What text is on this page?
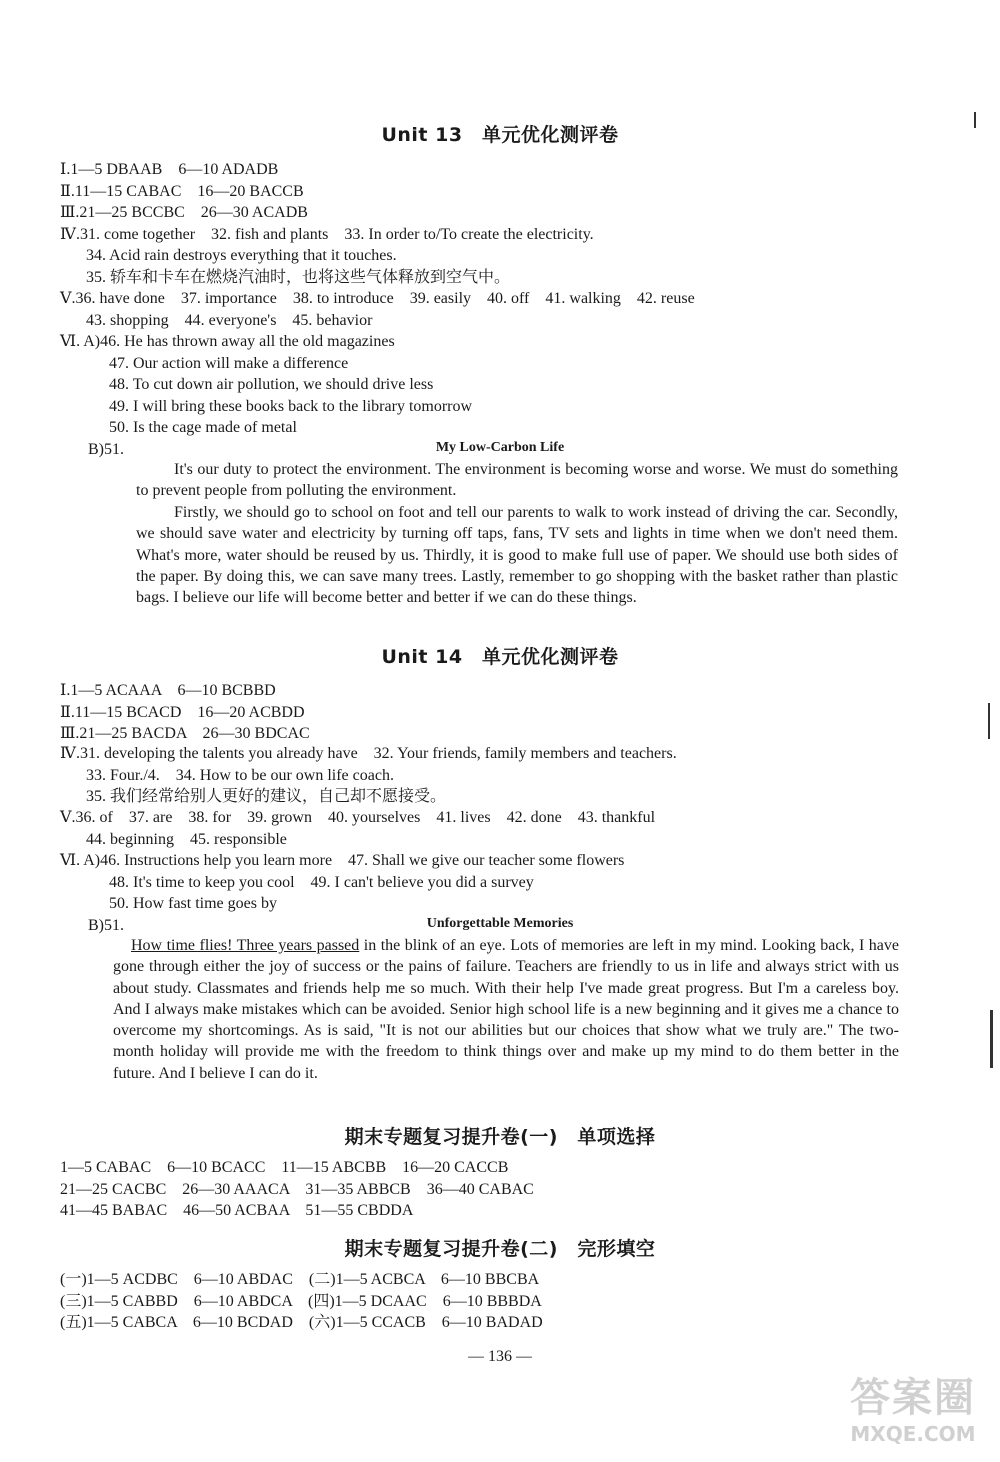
Unit 13　单元优化测评卷
Ⅰ.1—5 DBAAB　6—10 ADADB
Ⅱ.11—15 CABAC　16—20 BACCB
Ⅲ.21—25 BCCBC　26—30 ACADB
Ⅳ.31. come together　32. fish and plants　33. In order to/To create the electricity.
34. Acid rain destroys everything that it touches.
35. 轿车和卡车在燃烧汽油时，也将这些气体释放到空气中。
Ⅴ.36. have done　37. importance　38. to introduce　39. easily　40. off　41. walking　42. reuse
43. shopping　44. everyone's　45. behavior
Ⅵ. A)46. He has thrown away all the old magazines
47. Our action will make a difference
48. To cut down air pollution, we should drive less
49. I will bring these books back to the library tomorrow
50. Is the cage made of metal
B)51.	My Low-Carbon Life
It's our duty to protect the environment. The environment is becoming worse and worse. We must do something to prevent people from polluting the environment.
Firstly, we should go to school on foot and tell our parents to walk to work instead of driving the car. Secondly, we should save water and electricity by turning off taps, fans, TV sets and lights in time when we don't need them. What's more, water should be reused by us. Thirdly, it is good to make full use of paper. We should use both sides of the paper. By doing this, we can save many trees. Lastly, remember to go shopping with the basket rather than plastic bags. I believe our life will become better and better if we can do these things.
Unit 14　单元优化测评卷
Ⅰ.1—5 ACAAA　6—10 BCBBD
Ⅱ.11—15 BCACD　16—20 ACBDD
Ⅲ.21—25 BACDA　26—30 BDCAC
Ⅳ.31. developing the talents you already have　32. Your friends, family members and teachers.
33. Four./4.　34. How to be our own life coach.
35. 我们经常给别人更好的建议，自己却不愿接受。
Ⅴ.36. of　37. are　38. for　39. grown　40. yourselves　41. lives　42. done　43. thankful
44. beginning　45. responsible
Ⅵ. A)46. Instructions help you learn more　47. Shall we give our teacher some flowers
48. It's time to keep you cool　49. I can't believe you did a survey
50. How fast time goes by
B)51.	Unforgettable Memories
How time flies! Three years passed in the blink of an eye. Lots of memories are left in my mind. Looking back, I have gone through either the joy of success or the pains of failure. Teachers are friendly to us in life and always strict with us about study. Classmates and friends help me so much. With their help I've made great progress. But I'm a careless boy. And I always make mistakes which can be avoided. Senior high school life is a new beginning and it gives me a chance to overcome my shortcomings. As is said, "It is not our abilities but our choices that show what we truly are." The two-month holiday will provide me with the freedom to think things over and make up my mind to do them better in the future. And I believe I can do it.
期末专题复习提升卷(一)　单项选择
1—5 CABAC　6—10 BCACC　11—15 ABCBB　16—20 CACCB
21—25 CACBC　26—30 AAACA　31—35 ABBCB　36—40 CABAC
41—45 BABAC　46—50 ACBAA　51—55 CBDDA
期末专题复习提升卷(二)　完形填空
(一)1—5 ACDBC　6—10 ABDAC　(二)1—5 ACBCA　6—10 BBCBA
(三)1—5 CABBD　6—10 ABDCA　(四)1—5 DCAAC　6—10 BBBDA
(五)1—5 CABCA　6—10 BCDAD　(六)1—5 CCACB　6—10 BADAD
— 136 —
答案圈
MXQE.COM
